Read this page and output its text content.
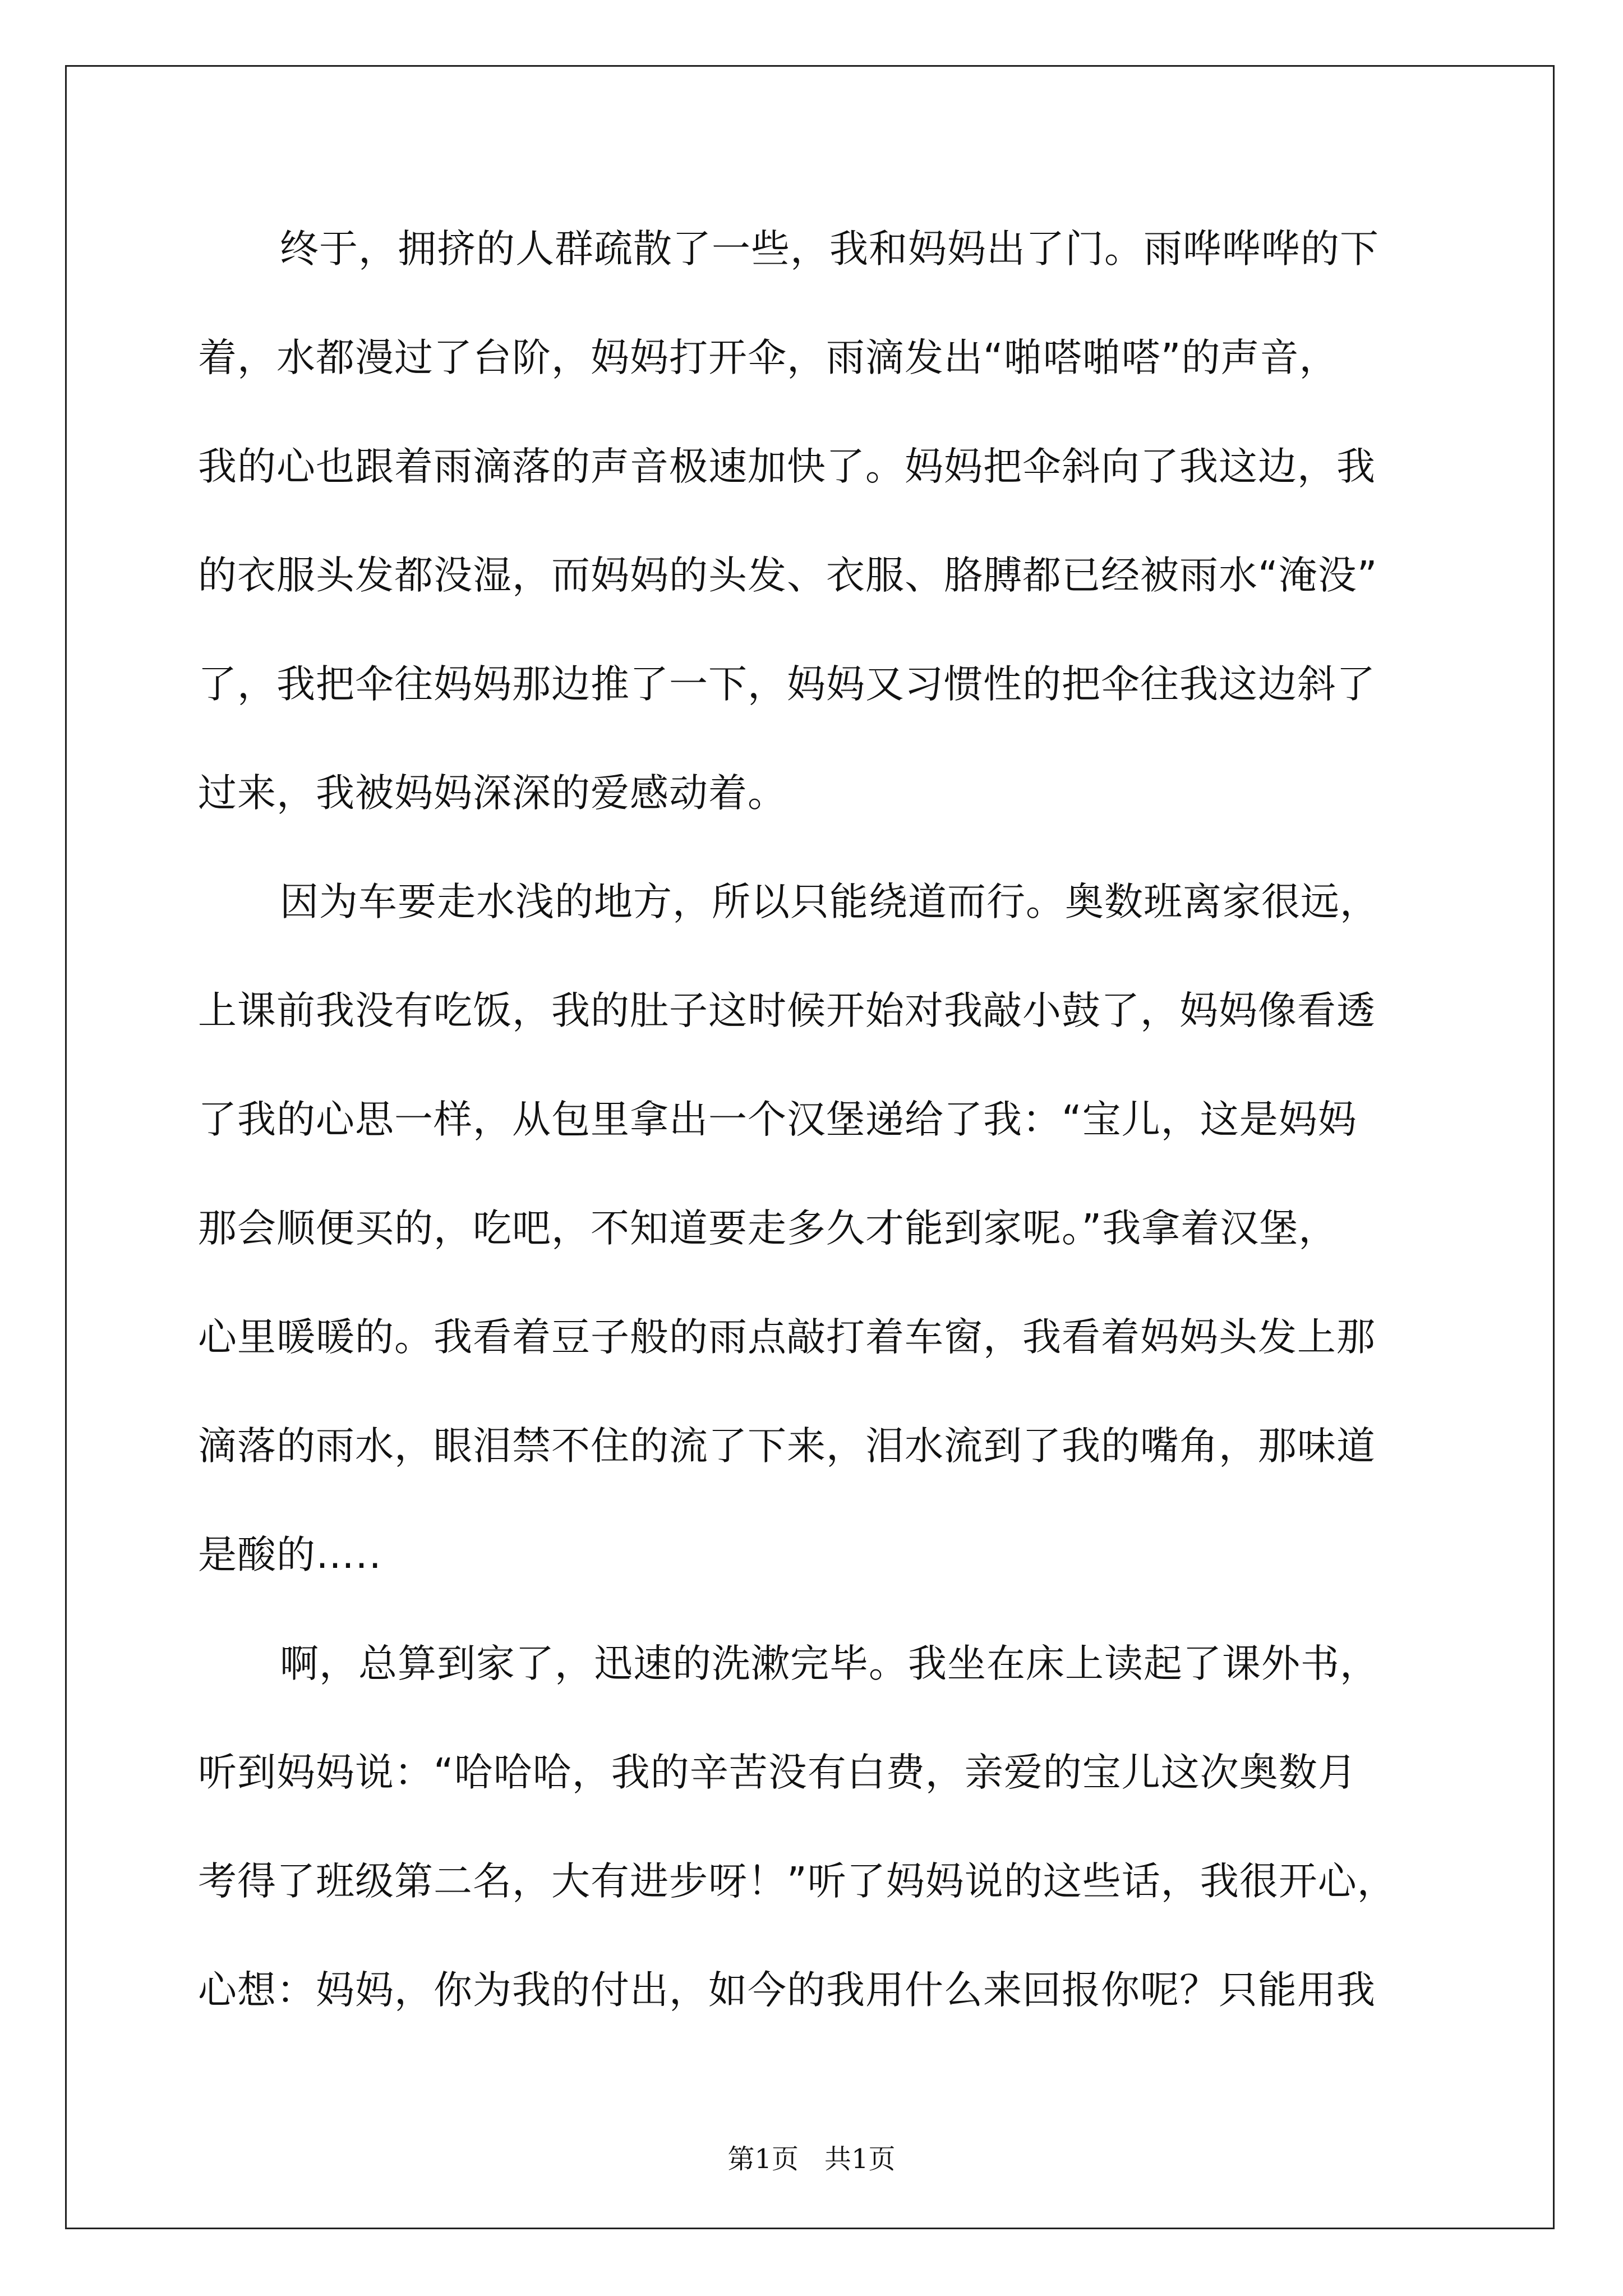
终于，拥挤的人群疏散了一些，我和妈妈出了门。雨哗哗哗的下
着，水都漫过了台阶，妈妈打开伞，雨滴发出“啪嗒啪嗒”的声音，
我的心也跟着雨滴落的声音极速加快了。妈妈把伞斜向了我这边，我
的衣服头发都没湿，而妈妈的头发、衣服、胳膊都已经被雨水“淹没”
了，我把伞往妈妈那边推了一下，妈妈又习惯性的把伞往我这边斜了
过来，我被妈妈深深的爱感动着。
因为车要走水浅的地方，所以只能绕道而行。奥数班离家很远，
上课前我没有吃饭，我的肚子这时候开始对我敲小鼓了，妈妈像看透
了我的心思一样，从包里拿出一个汉堡递给了我：“宝儿，这是妈妈
那会顺便买的，吃吧，不知道要走多久才能到家呢。”我拿着汉堡，
心里暖暖的。我看着豆子般的雨点敲打着车窗，我看着妈妈头发上那
滴落的雨水，眼泪禁不住的流了下来，泪水流到了我的嘴角，那味道
是酸的…․․
啊，总算到家了，迅速的洗漱完毕。我坐在床上读起了课外书，
听到妈妈说：“哈哈哈，我的辛苦没有白费，亲爱的宝儿这次奥数月
考得了班级第二名，大有进步呀！”听了妈妈说的这些话，我很开心，
心想：妈妈，你为我的付出，如今的我用什么来回报你呢？只能用我
第1页 共1页
